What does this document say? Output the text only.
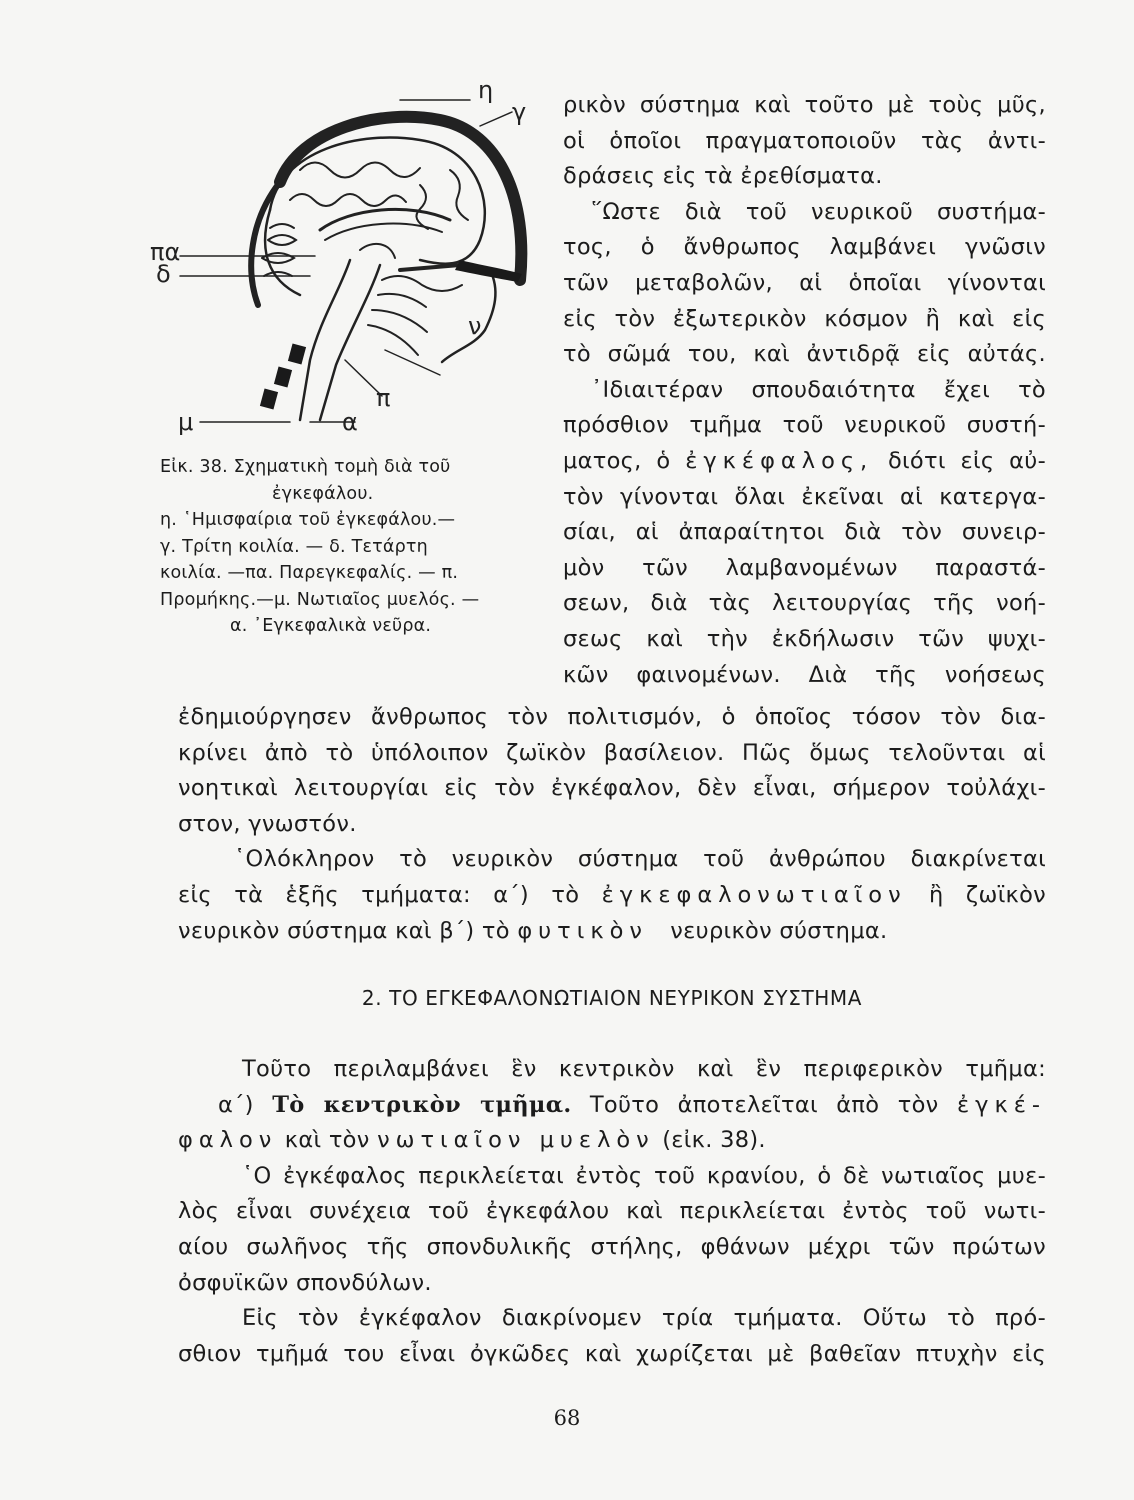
η
γ
πα
δ
ν
π
μ	α
Εἰκ. 38. Σχηματικὴ τομὴ διὰ τοῦ
ἐγκεφάλου.
η. ῾Ημισφαίρια τοῦ ἐγκεφάλου.—
γ. Τρίτη κοιλία. — δ. Τετάρτη
κοιλία. —πα. Παρεγκεφαλίς. — π.
Προμήκης.—μ. Νωτιαῖος μυελός. —
α. ᾿Εγκεφαλικὰ νεῦρα.
ρικὸν σύστημα καὶ τοῦτο μὲ τοὺς μῦς,
οἱ ὁποῖοι πραγματοποιοῦν τὰς ἀντι-
δράσεις εἰς τὰ ἐρεθίσματα.
῞Ωστε διὰ τοῦ νευρικοῦ συστήμα-
τος, ὁ ἄνθρωπος λαμβάνει γνῶσιν
τῶν μεταβολῶν, αἱ ὁποῖαι γίνονται
εἰς τὸν ἐξωτερικὸν κόσμον ἢ καὶ εἰς
τὸ σῶμά του, καὶ ἀντιδρᾷ εἰς αὐτάς.
᾿Ιδιαιτέραν σπουδαιότητα ἔχει τὸ
πρόσθιον τμῆμα τοῦ νευρικοῦ συστή-
ματος, ὁ ἐγκέφαλος, διότι εἰς αὐ-
τὸν γίνονται ὅλαι ἐκεῖναι αἱ κατεργα-
σίαι, αἱ ἀπαραίτητοι διὰ τὸν συνειρ-
μὸν τῶν λαμβανομένων παραστά-
σεων, διὰ τὰς λειτουργίας τῆς νοή-
σεως καὶ τὴν ἐκδήλωσιν τῶν ψυχι-
κῶν φαινομένων. Διὰ τῆς νοήσεως
ἐδημιούργησεν ἄνθρωπος τὸν πολιτισμόν, ὁ ὁποῖος τόσον τὸν δια-
κρίνει ἀπὸ τὸ ὑπόλοιπον ζωϊκὸν βασίλειον. Πῶς ὅμως τελοῦνται αἱ
νοητικαὶ λειτουργίαι εἰς τὸν ἐγκέφαλον, δὲν εἶναι, σήμερον τοὐλάχι-
στον, γνωστόν.
῾Ολόκληρον τὸ νευρικὸν σύστημα τοῦ ἀνθρώπου διακρίνεται
εἰς τὰ ἑξῆς τμήματα: α΄) τὸ ἐγκεφαλονωτιαῖον ἢ ζωϊκὸν
νευρικὸν σύστημα καὶ β΄) τὸ φυτικὸν νευρικὸν σύστημα.
2. ΤΟ ΕΓΚΕΦΑΛΟΝΩΤΙΑΙΟΝ ΝΕΥΡΙΚΟΝ ΣΥΣΤΗΜΑ
Τοῦτο περιλαμβάνει ἓν κεντρικὸν καὶ ἓν περιφερικὸν τμῆμα:
α΄) Τὸ κεντρικὸν τμῆμα. Τοῦτο ἀποτελεῖται ἀπὸ τὸν ἐγκέ-
φαλον καὶ τὸν νωτιαῖον μυελὸν (εἰκ. 38).
῾Ο ἐγκέφαλος περικλείεται ἐντὸς τοῦ κρανίου, ὁ δὲ νωτιαῖος μυε-
λὸς εἶναι συνέχεια τοῦ ἐγκεφάλου καὶ περικλείεται ἐντὸς τοῦ νωτι-
αίου σωλῆνος τῆς σπονδυλικῆς στήλης, φθάνων μέχρι τῶν πρώτων
ὀσφυϊκῶν σπονδύλων.
Εἰς τὸν ἐγκέφαλον διακρίνομεν τρία τμήματα. Οὕτω τὸ πρό-
σθιον τμῆμά του εἶναι ὀγκῶδες καὶ χωρίζεται μὲ βαθεῖαν πτυχὴν εἰς
68
